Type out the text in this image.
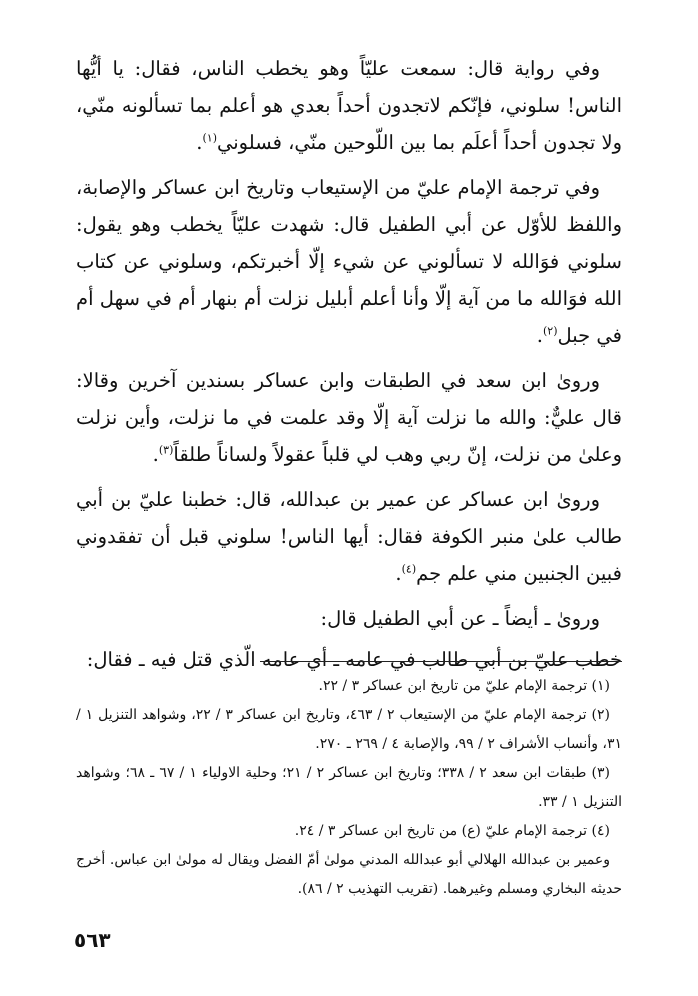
وفي رواية قال: سمعت عليّاً وهو يخطب الناس، فقال: يا أيُّها الناس! سلوني، فإنّكم لاتجدون أحداً بعدي هو أعلم بما تسألونه منّي، ولا تجدون أحداً أعلَم بما بين اللّوحين منّي، فسلوني$^{(١)}$.

وفي ترجمة الإمام عليّ من الإستيعاب وتاريخ ابن عساكر والإصابة، واللفظ للأوّل عن أبي الطفيل قال: شهدت عليّاً يخطب وهو يقول: سلوني فوَالله لا تسألوني عن شيء إلّا أخبرتكم، وسلوني عن كتاب الله فوَالله ما من آية إلّا وأنا أعلم أبليل نزلت أم بنهار أم في سهل أم في جبل$^{(٢)}$.

وروىٰ ابن سعد في الطبقات وابن عساكر بسندين آخرين وقالا: قال عليٌّ: والله ما نزلت آية إلّا وقد علمت في ما نزلت، وأين نزلت وعلىٰ من نزلت، إنّ ربي وهب لي قلباً عقولاً ولساناً طلقاً$^{(٣)}$.

وروىٰ ابن عساكر عن عمير بن عبدالله، قال: خطبنا عليّ بن أبي طالب علىٰ منبر الكوفة فقال: أيها الناس! سلوني قبل أن تفقدوني فبين الجنبين مني علم جم$^{(٤)}$.

وروىٰ ـ أيضاً ـ عن أبي الطفيل قال:

خطب عليّ بن أبي طالب في عامه ـ أي عامه الّذي قتل فيه ـ فقال:

(١) ترجمة الإمام عليّ من تاريخ ابن عساكر ٣ / ٢٢.

(٢) ترجمة الإمام عليّ من الإستيعاب ٢ / ٤٦٣، وتاريخ ابن عساكر ٣ / ٢٢، وشواهد التنزيل ١ / ٣١، وأنساب الأشراف ٢ / ٩٩، والإصابة ٤ / ٢٦٩ ـ ٢٧٠.

(٣) طبقات ابن سعد ٢ / ٣٣٨؛ وتاريخ ابن عساكر ٢ / ٢١؛ وحلية الاولياء ١ / ٦٧ ـ ٦٨؛ وشواهد التنزيل ١ / ٣٣.

(٤) ترجمة الإمام عليّ (ع) من تاريخ ابن عساكر ٣ / ٢٤.

وعمير بن عبدالله الهلالي أبو عبدالله المدني مولىٰ أمّ الفضل ويقال له مولىٰ ابن عباس. أخرج حديثه البخاري ومسلم وغيرهما. (تقريب التهذيب ٢ / ٨٦).

٥٦٣
